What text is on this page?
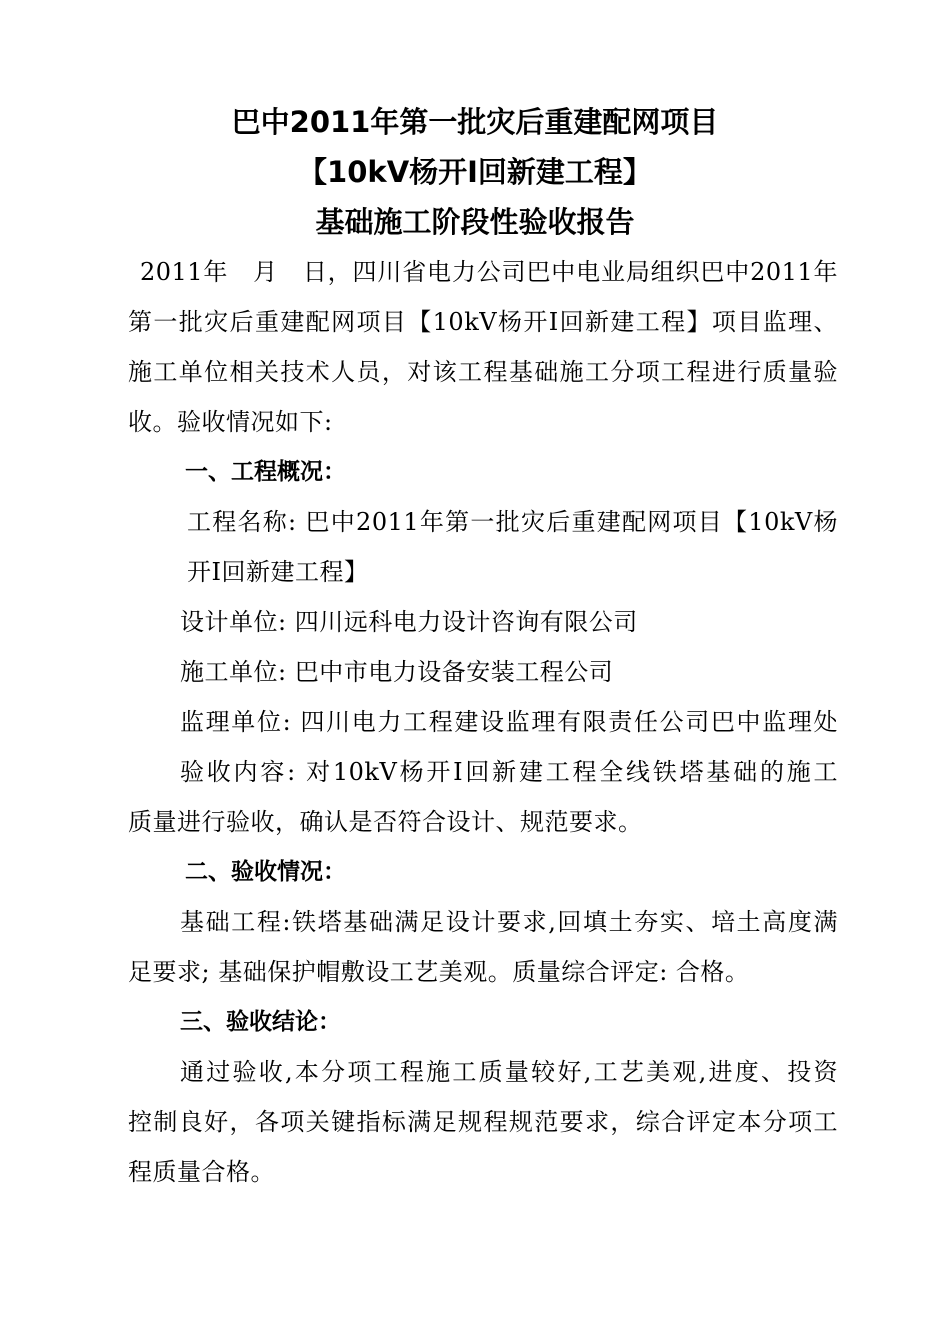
巴中2011年第一批灾后重建配网项目
【10kV杨开Ⅰ回新建工程】
基础施工阶段性验收报告
2011年　月　日，四川省电力公司巴中电业局组织巴中2011年
第一批灾后重建配网项目【10kV杨开Ⅰ回新建工程】项目监理、
施工单位相关技术人员，对该工程基础施工分项工程进行质量验
收。验收情况如下:
一、工程概况：
工程名称: 巴中2011年第一批灾后重建配网项目【10kV杨
开Ⅰ回新建工程】
设计单位: 四川远科电力设计咨询有限公司
施工单位: 巴中市电力设备安装工程公司
监理单位: 四川电力工程建设监理有限责任公司巴中监理处
验收内容: 对10kV杨开Ⅰ回新建工程全线铁塔基础的施工
质量进行验收，确认是否符合设计、规范要求。
二、验收情况：
基础工程:铁塔基础满足设计要求,回填土夯实、培土高度满
足要求; 基础保护帽敷设工艺美观。质量综合评定: 合格。
三、验收结论：
通过验收,本分项工程施工质量较好,工艺美观,进度、投资
控制良好，各项关键指标满足规程规范要求，综合评定本分项工
程质量合格。
